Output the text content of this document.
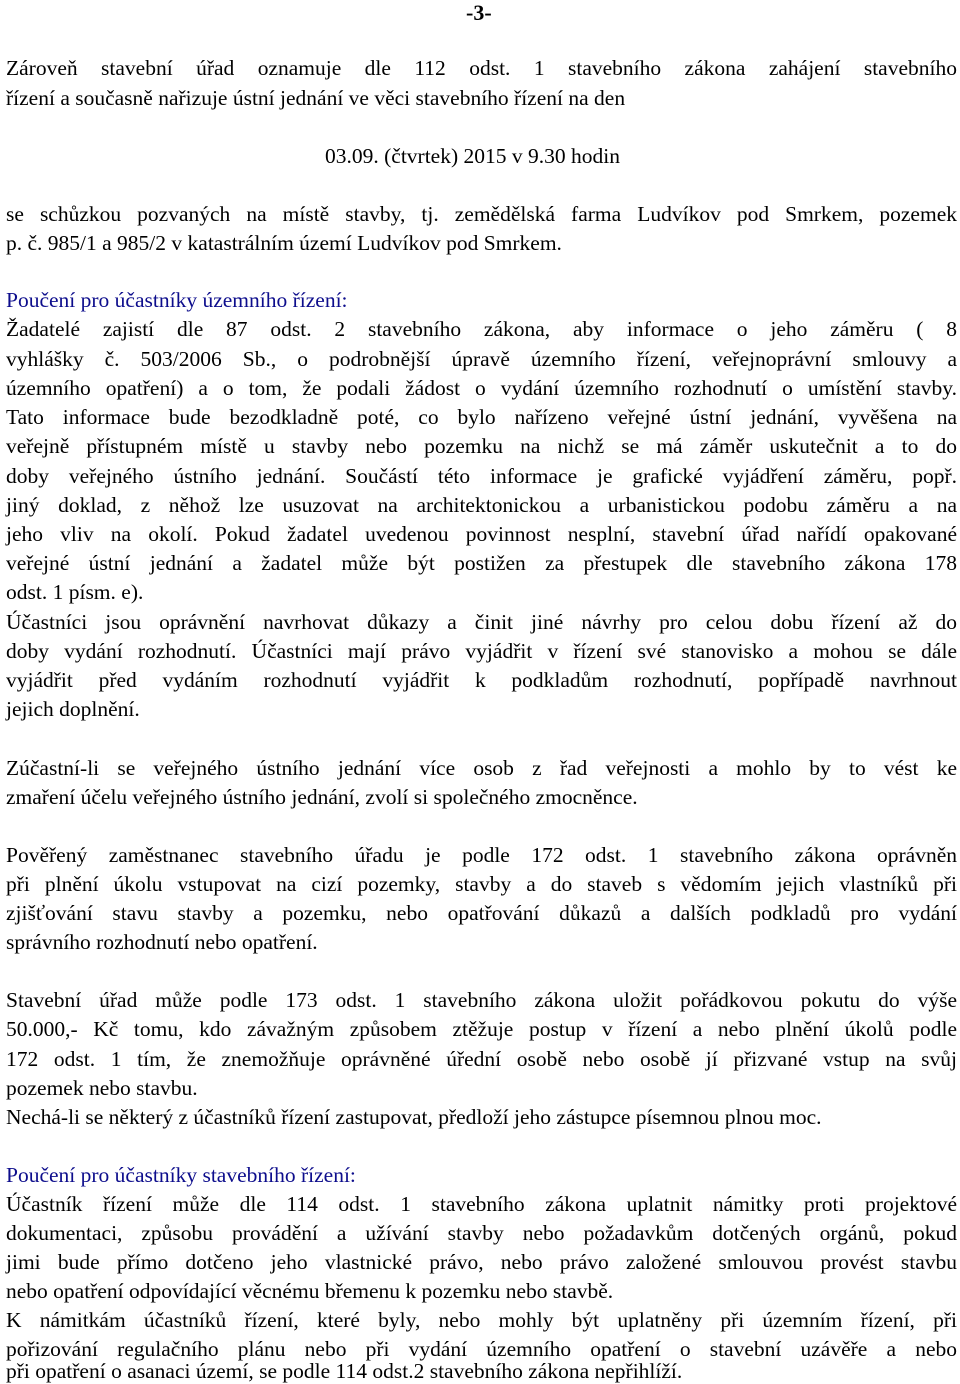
-3-
Zároveň stavební úřad oznamuje dle 112 odst. 1 stavebního zákona zahájení stavebního
řízení a současně nařizuje ústní jednání ve věci stavebního řízení na den
03.09. (čtvrtek) 2015 v 9.30 hodin
se schůzkou pozvaných na místě stavby, tj. zemědělská farma Ludvíkov pod Smrkem, pozemek
p. č. 985/1 a 985/2 v katastrálním území Ludvíkov pod Smrkem.
Poučení pro účastníky územního řízení:
Žadatelé zajistí dle 87 odst. 2 stavebního zákona, aby informace o jeho záměru ( 8
vyhlášky č. 503/2006 Sb., o podrobnější úpravě územního řízení, veřejnoprávní smlouvy a
územního opatření) a o tom, že podali žádost o vydání územního rozhodnutí o umístění stavby.
Tato informace bude bezodkladně poté, co bylo nařízeno veřejné ústní jednání, vyvěšena na
veřejně přístupném místě u stavby nebo pozemku na nichž se má záměr uskutečnit a to do
doby veřejného ústního jednání. Součástí této informace je grafické vyjádření záměru, popř.
jiný doklad, z něhož lze usuzovat na architektonickou a urbanistickou podobu záměru a na
jeho vliv na okolí. Pokud žadatel uvedenou povinnost nesplní, stavební úřad nařídí opakované
veřejné ústní jednání a žadatel může být postižen za přestupek dle stavebního zákona 178
odst. 1 písm. e).
Účastníci jsou oprávnění navrhovat důkazy a činit jiné návrhy pro celou dobu řízení až do
doby vydání rozhodnutí. Účastníci mají právo vyjádřit v řízení své stanovisko a mohou se dále
vyjádřit před vydáním rozhodnutí vyjádřit k podkladům rozhodnutí, popřípadě navrhnout
jejich doplnění.
Zúčastní-li se veřejného ústního jednání více osob z řad veřejnosti a mohlo by to vést ke
zmaření účelu veřejného ústního jednání, zvolí si společného zmocněnce.
Pověřený zaměstnanec stavebního úřadu je podle 172 odst. 1 stavebního zákona oprávněn
při plnění úkolu vstupovat na cizí pozemky, stavby a do staveb s vědomím jejich vlastníků při
zjišťování stavu stavby a pozemku, nebo opatřování důkazů a dalších podkladů pro vydání
správního rozhodnutí nebo opatření.
Stavební úřad může podle 173 odst. 1 stavebního zákona uložit pořádkovou pokutu do výše
50.000,- Kč tomu, kdo závažným způsobem ztěžuje postup v řízení a nebo plnění úkolů podle
172 odst. 1 tím, že znemožňuje oprávněné úřední osobě nebo osobě jí přizvané vstup na svůj
pozemek nebo stavbu.
Nechá-li se některý z účastníků řízení zastupovat, předloží jeho zástupce písemnou plnou moc.
Poučení pro účastníky stavebního řízení:
Účastník řízení může dle 114 odst. 1 stavebního zákona uplatnit námitky proti projektové
dokumentaci, způsobu provádění a užívání stavby nebo požadavkům dotčených orgánů, pokud
jimi bude přímo dotčeno jeho vlastnické právo, nebo právo založené smlouvou provést stavbu
nebo opatření odpovídající věcnému břemenu k pozemku nebo stavbě.
K námitkám účastníků řízení, které byly, nebo mohly být uplatněny při územním řízení, při
pořizování regulačního plánu nebo při vydání územního opatření o stavební uzávěře a nebo
při opatření o asanaci území, se podle 114 odst.2 stavebního zákona nepřihlíží.
